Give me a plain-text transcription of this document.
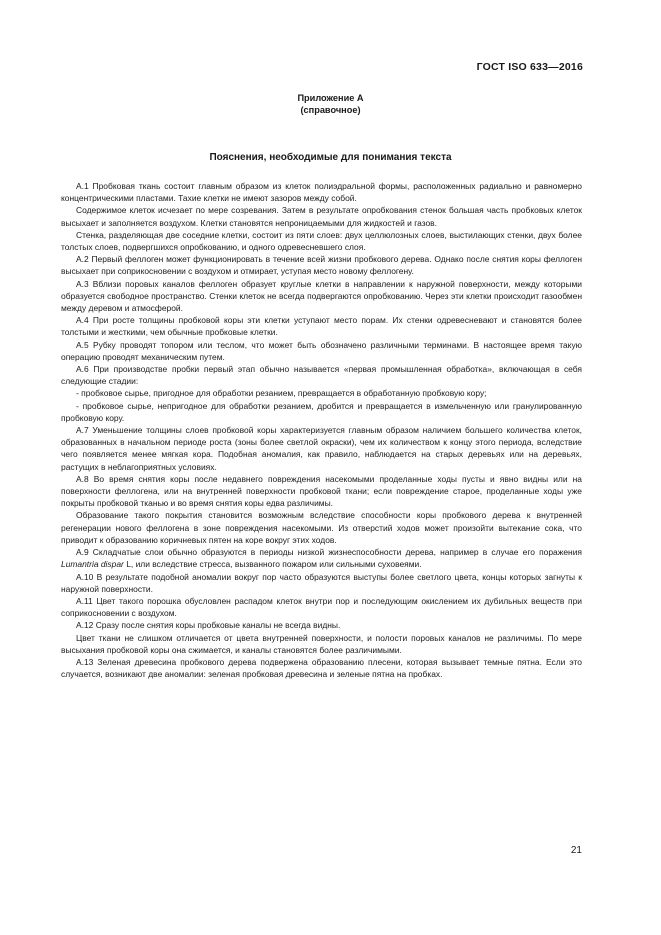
ГОСТ ISO 633—2016
Приложение А
(справочное)
Пояснения, необходимые для понимания текста

А.1 Пробковая ткань состоит главным образом из клеток полиэдральной формы, расположенных радиально и равномерно концентрическими пластами. Тахие клетки не имеют зазоров между собой.

Содержимое клеток исчезает по мере созревания. Затем в результате опробкования стенок большая часть пробковых клеток высыхает и заполняется воздухом. Клетки становятся непроницаемыми для жидкостей и газов.

Стенка, разделяющая две соседние клетки, состоит из пяти слоев: двух целлюлозных слоев, выстилающих стенки, двух более толстых слоев, подвергшихся опробкованию, и одного одревесневшего слоя.

А.2 Первый феллоген может функционировать в течение всей жизни пробкового дерева. Однако после снятия коры феллоген высыхает при соприкосновении с воздухом и отмирает, уступая место новому феллогену.

А.3 Вблизи поровых каналов феллоген образует круглые клетки в направлении к наружной поверхности, между которыми образуется свободное пространство. Стенки клеток не всегда подвергаются опробкованию. Через эти клетки происходит газообмен между деревом и атмосферой.

А.4 При росте толщины пробковой коры эти клетки уступают место порам. Их стенки одревесневают и становятся более толстыми и жесткими, чем обычные пробковые клетки.

А.5 Рубку проводят топором или теслом, что может быть обозначено различными терминами. В настоящее время такую операцию проводят механическим путем.

А.6 При производстве пробки первый этап обычно называется «первая промышленная обработка», включающая в себя следующие стадии:

- пробковое сырье, пригодное для обработки резанием, превращается в обработанную пробковую кору;

- пробковое сырье, непригодное для обработки резанием, дробится и превращается в измельченную или гранулированную пробковую кору.

А.7 Уменьшение толщины слоев пробковой коры характеризуется главным образом наличием большего количества клеток, образованных в начальном периоде роста (зоны более светлой окраски), чем их количеством к концу этого периода, вследствие чего появляется менее мягкая кора. Подобная аномалия, как правило, наблюдается на старых деревьях или на деревьях, растущих в неблагоприятных условиях.

А.8 Во время снятия коры после недавнего повреждения насекомыми проделанные ходы пусты и явно видны или на поверхности феллогена, или на внутренней поверхности пробковой ткани; если повреждение старое, проделанные ходы уже покрыты пробковой тканью и во время снятия коры едва различимы.

Образование такого покрытия становится возможным вследствие способности коры пробкового дерева к внутренней регенерации нового феллогена в зоне повреждения насекомыми. Из отверстий ходов может произойти вытекание сока, что приводит к образованию коричневых пятен на коре вокруг этих ходов.

А.9 Складчатые слои обычно образуются в периоды низкой жизнеспособности дерева, например в случае его поражения Lumantria dispar L, или вследствие стресса, вызванного пожаром или сильными суховеями.

А.10 В результате подобной аномалии вокруг пор часто образуются выступы более светлого цвета, концы которых загнуты к наружной поверхности.

А.11 Цвет такого порошка обусловлен распадом клеток внутри пор и последующим окислением их дубильных веществ при соприкосновении с воздухом.

А.12 Сразу после снятия коры пробковые каналы не всегда видны.

Цвет ткани не слишком отличается от цвета внутренней поверхности, и полости поровых каналов не различимы. По мере высыхания пробковой коры она сжимается, и каналы становятся более различимыми.

А.13 Зеленая древесина пробкового дерева подвержена образованию плесени, которая вызывает темные пятна. Если это случается, возникают две аномалии: зеленая пробковая древесина и зеленые пятна на пробках.

21
